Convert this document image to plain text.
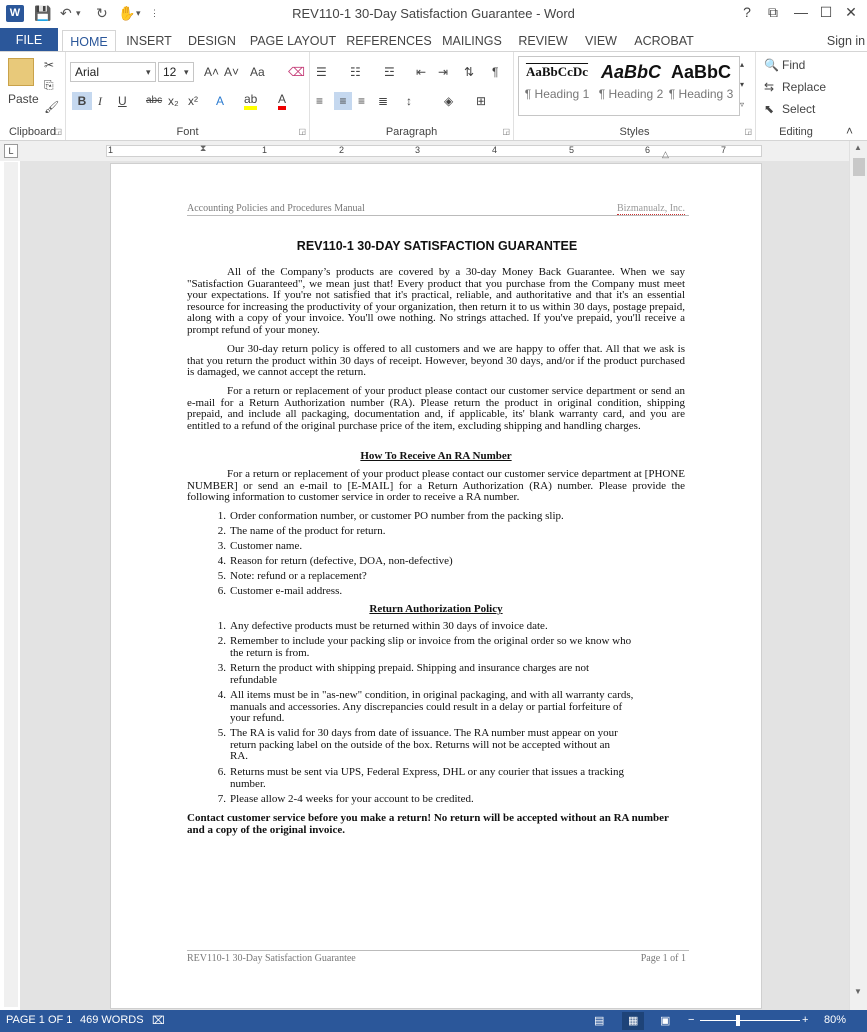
W 💾 ↶ ▾ ↻ ✋ ▾ ⋮	REV110-1 30-Day Satisfaction Guarantee - Word	?	⧉	— ☐ ✕
FILE	HOME	INSERT	DESIGN	PAGE LAYOUT REFERENCES MAILINGS	REVIEW	VIEW	ACROBAT	Sign in
Paste
✂
⎘
🖌
Clipboard
◲
Arial	▾	12 ▾ A˄ A˅ Aa ⌫
B I U abc x₂ x² A ab A
Font	◲
☰ ☷ ☲ ⇤ ⇥ ⇅ ¶
≡	≡ ≡ ≣ ↕	◈ ⊞
Paragraph	◲
AaBbCcDc
¶ Heading 1
AaBbC
¶ Heading 2
AaBbC
¶ Heading 3
▴
▾
▿
Styles	◲
🔍 Find
⇆ Replace
⬉ Select
Editing	˄
L	1	1	2	3	4	5	6	7
⧗
△
Accounting Policies and Procedures Manual	Bizmanualz, Inc.
REV110-1 30-DAY SATISFACTION GUARANTEE
All of the Company’s products are covered by a 30-day Money Back Guarantee. When we say "Satisfaction Guaranteed", we mean just that! Every product that you purchase from the Company must meet your expectations. If you're not satisfied that it's practical, reliable, and authoritative and that it's an essential resource for increasing the productivity of your organization, then return it to us within 30 days, postage prepaid, along with a copy of your invoice. You'll owe nothing. No strings attached. If you've prepaid, you'll receive a prompt refund of your money.
Our 30-day return policy is offered to all customers and we are happy to offer that. All that we ask is that you return the product within 30 days of receipt. However, beyond 30 days, and/or if the product purchased is damaged, we cannot accept the return.
For a return or replacement of your product please contact our customer service department or send an e-mail for a Return Authorization number (RA). Please return the product in original condition, shipping prepaid, and include all packaging, documentation and, if applicable, its' blank warranty card, and you are entitled to a refund of the original purchase price of the item, excluding shipping and handling charges.
How To Receive An RA Number
For a return or replacement of your product please contact our customer service department at [PHONE NUMBER] or send an e-mail to [E-MAIL] for a Return Authorization (RA) number. Please provide the following information to customer service in order to receive a RA number.
1. Order conformation number, or customer PO number from the packing slip.
2. The name of the product for return.
3. Customer name.
4. Reason for return (defective, DOA, non-defective)
5. Note: refund or a replacement?
6. Customer e-mail address.
Return Authorization Policy
1. Any defective products must be returned within 30 days of invoice date.
2. Remember to include your packing slip or invoice from the original order so we know who the return is from.
3. Return the product with shipping prepaid. Shipping and insurance charges are not refundable
4. All items must be in "as-new" condition, in original packaging, and with all warranty cards, manuals and accessories. Any discrepancies could result in a delay or partial forfeiture of your refund.
5. The RA is valid for 30 days from date of issuance. The RA number must appear on your return packing label on the outside of the box. Returns will not be accepted without an RA.
6. Returns must be sent via UPS, Federal Express, DHL or any courier that issues a tracking number.
7. Please allow 2-4 weeks for your account to be credited.
Contact customer service before you make a return! No return will be accepted without an RA number and a copy of the original invoice.
REV110-1 30-Day Satisfaction Guarantee	Page 1 of 1
▲
▼
PAGE 1 OF 1 469 WORDS ⌧	▤	▦	▣ −	+ 80%
